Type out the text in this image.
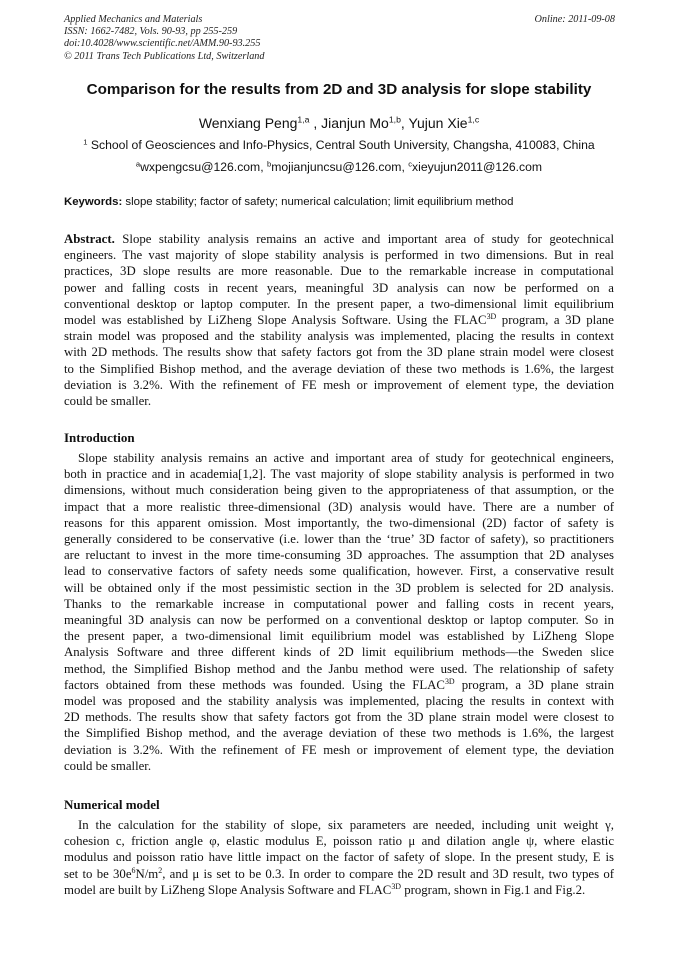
Applied Mechanics and Materials
ISSN: 1662-7482, Vols. 90-93, pp 255-259
doi:10.4028/www.scientific.net/AMM.90-93.255
© 2011 Trans Tech Publications Ltd, Switzerland
Online: 2011-09-08
Comparison for the results from 2D and 3D analysis for slope stability
Wenxiang Peng$^{1,a}$ , Jianjun Mo$^{1,b}$, Yujun Xie$^{1,c}$
$^1$ School of Geosciences and Info-Physics, Central South University, Changsha, 410083, China
$^a$wxpengcsu@126.com, $^b$mojianjuncsu@126.com, $^c$xieyujun2011@126.com
Keywords: slope stability; factor of safety; numerical calculation; limit equilibrium method
Abstract. Slope stability analysis remains an active and important area of study for geotechnical
engineers. The vast majority of slope stability analysis is performed in two dimensions. But in real
practices, 3D slope results are more reasonable. Due to the remarkable increase in computational
power and falling costs in recent years, meaningful 3D analysis can now be performed on a
conventional desktop or laptop computer. In the present paper, a two-dimensional limit equilibrium
model was established by LiZheng Slope Analysis Software. Using the $FLAC^{3D}$ program, a 3D plane
strain model was proposed and the stability analysis was implemented, placing the results in context
with 2D methods. The results show that safety factors got from the 3D plane strain model were closest
to the Simplified Bishop method, and the average deviation of these two methods is 1.6%, the largest
deviation is 3.2%. With the refinement of FE mesh or improvement of element type, the deviation
could be smaller.
Introduction
Slope stability analysis remains an active and important area of study for geotechnical engineers,
both in practice and in academia[1,2]. The vast majority of slope stability analysis is performed in two
dimensions, without much consideration being given to the appropriateness of that assumption, or the
impact that a more realistic three-dimensional (3D) analysis would have. There are a number of
reasons for this apparent omission. Most importantly, the two-dimensional (2D) factor of safety is
generally considered to be conservative (i.e. lower than the ‘true’ 3D factor of safety), so practitioners
are reluctant to invest in the more time-consuming 3D approaches. The assumption that 2D analyses
lead to conservative factors of safety needs some qualification, however. First, a conservative result
will be obtained only if the most pessimistic section in the 3D problem is selected for 2D analysis.
Thanks to the remarkable increase in computational power and falling costs in recent years,
meaningful 3D analysis can now be performed on a conventional desktop or laptop computer. So in
the present paper, a two-dimensional limit equilibrium model was established by LiZheng Slope
Analysis Software and three different kinds of 2D limit equilibrium methods—the Sweden slice
method, the Simplified Bishop method and the Janbu method were used. The relationship of safety
factors obtained from these methods was founded. Using the $FLAC^{3D}$ program, a 3D plane strain
model was proposed and the stability analysis was implemented, placing the results in context with
2D methods. The results show that safety factors got from the 3D plane strain model were closest to
the Simplified Bishop method, and the average deviation of these two methods is 1.6%, the largest
deviation is 3.2%. With the refinement of FE mesh or improvement of element type, the deviation
could be smaller.
Numerical model
In the calculation for the stability of slope, six parameters are needed, including unit weight γ,
cohesion c, friction angle φ, elastic modulus E, poisson ratio μ and dilation angle ψ, where elastic
modulus and poisson ratio have little impact on the factor of safety of slope. In the present study, E is
set to be $30e^6N/m^2$, and μ is set to be 0.3. In order to compare the 2D result and 3D result, two types of
model are built by LiZheng Slope Analysis Software and $FLAC^{3D}$ program, shown in Fig.1 and Fig.2.
